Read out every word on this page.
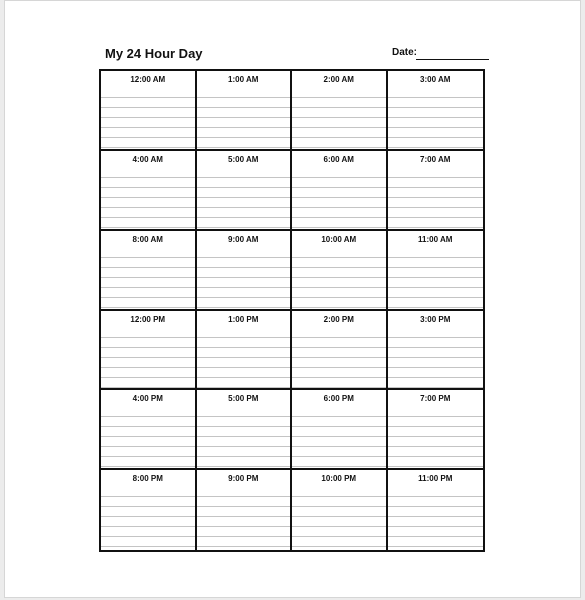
My 24 Hour Day	Date:
12:00 AM	1:00 AM	2:00 AM	3:00 AM
4:00 AM	5:00 AM	6:00 AM	7:00 AM
8:00 AM	9:00 AM	10:00 AM	11:00 AM
12:00 PM	1:00 PM	2:00 PM	3:00 PM
4:00 PM	5:00 PM	6:00 PM	7:00 PM
8:00 PM	9:00 PM	10:00 PM	11:00 PM
